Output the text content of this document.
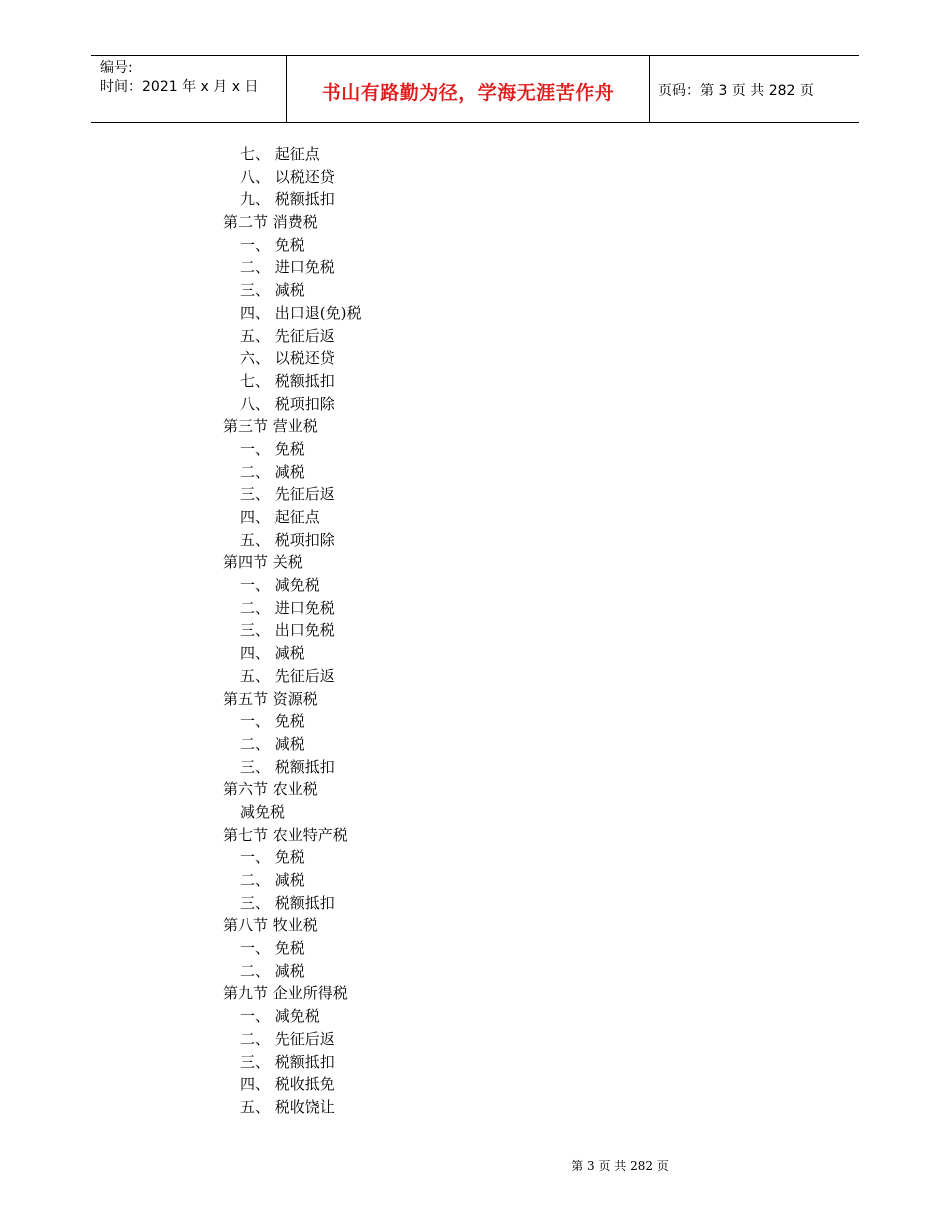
编号:
时间：2021 年 x 月 x 日	书山有路勤为径，学海无涯苦作舟	页码：第 3 页 共 282 页
七、 起征点
八、 以税还贷
九、 税额抵扣
第二节 消费税
一、 免税
二、 进口免税
三、 减税
四、 出口退(免)税
五、 先征后返
六、 以税还贷
七、 税额抵扣
八、 税项扣除
第三节 营业税
一、 免税
二、 减税
三、 先征后返
四、 起征点
五、 税项扣除
第四节 关税
一、 减免税
二、 进口免税
三、 出口免税
四、 减税
五、 先征后返
第五节 资源税
一、 免税
二、 减税
三、 税额抵扣
第六节 农业税
减免税
第七节 农业特产税
一、 免税
二、 减税
三、 税额抵扣
第八节 牧业税
一、 免税
二、 减税
第九节 企业所得税
一、 减免税
二、 先征后返
三、 税额抵扣
四、 税收抵免
五、 税收饶让
第 3 页 共 282 页
